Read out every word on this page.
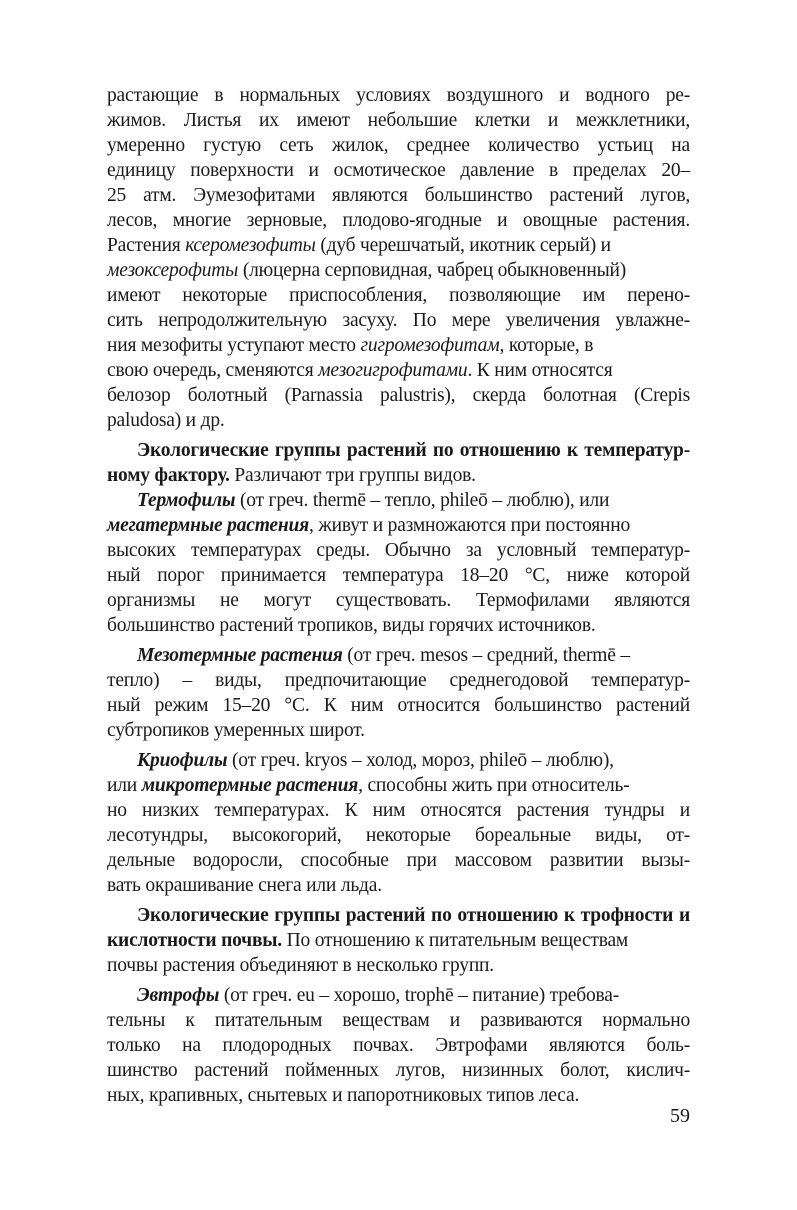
растающие в нормальных условиях воздушного и водного ре-
жимов. Листья их имеют небольшие клетки и межклетники,
умеренно густую сеть жилок, среднее количество устьиц на
единицу поверхности и осмотическое давление в пределах 20–
25 атм. Эумезофитами являются большинство растений лугов,
лесов, многие зерновые, плодово-ягодные и овощные растения.
Растения ксеромезофиты (дуб черешчатый, икотник серый) и
мезоксерофиты (люцерна серповидная, чабрец обыкновенный)
имеют некоторые приспособления, позволяющие им перено-
сить непродолжительную засуху. По мере увеличения увлажне-
ния мезофиты уступают место гигромезофитам, которые, в
свою очередь, сменяются мезогигрофитами. К ним относятся
белозор болотный (Parnassia palustris), скерда болотная (Crepis
paludosa) и др.
Экологические группы растений по отношению к температур-
ному фактору. Различают три группы видов.
Термофилы (от греч. thermē – тепло, phileō – люблю), или
мегатермные растения, живут и размножаются при постоянно
высоких температурах среды. Обычно за условный температур-
ный порог принимается температура 18–20 °С, ниже которой
организмы не могут существовать. Термофилами являются
большинство растений тропиков, виды горячих источников.
Мезотермные растения (от греч. mesos – средний, thermē –
тепло) – виды, предпочитающие среднегодовой температур-
ный режим 15–20 °С. К ним относится большинство растений
субтропиков умеренных широт.
Криофилы (от греч. kryos – холод, мороз, phileō – люблю),
или микротермные растения, способны жить при относитель-
но низких температурах. К ним относятся растения тундры и
лесотундры, высокогорий, некоторые бореальные виды, от-
дельные водоросли, способные при массовом развитии вызы-
вать окрашивание снега или льда.
Экологические группы растений по отношению к трофности и
кислотности почвы. По отношению к питательным веществам
почвы растения объединяют в несколько групп.
Эвтрофы (от греч. eu – хорошо, trophē – питание) требова-
тельны к питательным веществам и развиваются нормально
только на плодородных почвах. Эвтрофами являются боль-
шинство растений пойменных лугов, низинных болот, кислич-
ных, крапивных, снытевых и папоротниковых типов леса.
59
